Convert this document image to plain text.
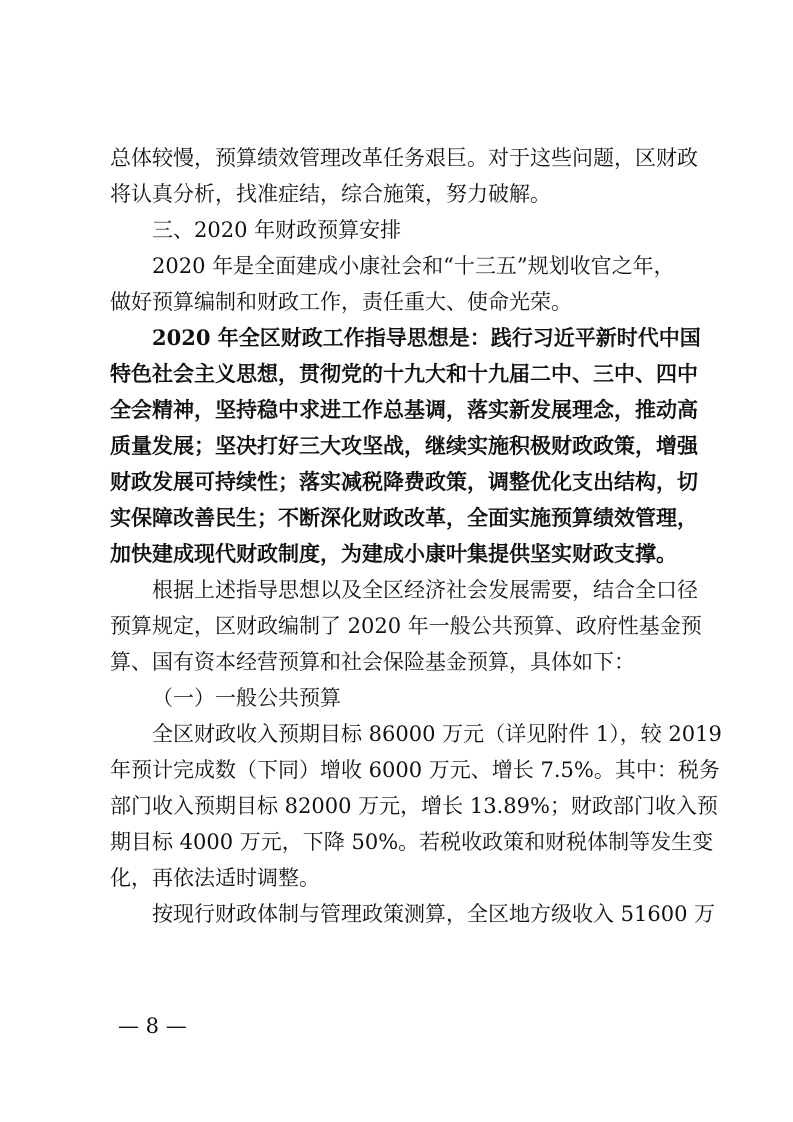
总体较慢，预算绩效管理改革任务艰巨。对于这些问题，区财政
将认真分析，找准症结，综合施策，努力破解。
三、2020 年财政预算安排
2020 年是全面建成小康社会和“十三五”规划收官之年，
做好预算编制和财政工作，责任重大、使命光荣。
2020 年全区财政工作指导思想是：践行习近平新时代中国
特色社会主义思想，贯彻党的十九大和十九届二中、三中、四中
全会精神，坚持稳中求进工作总基调，落实新发展理念，推动高
质量发展；坚决打好三大攻坚战，继续实施积极财政政策，增强
财政发展可持续性；落实减税降费政策，调整优化支出结构，切
实保障改善民生；不断深化财政改革，全面实施预算绩效管理，
加快建成现代财政制度，为建成小康叶集提供坚实财政支撑。
根据上述指导思想以及全区经济社会发展需要，结合全口径
预算规定，区财政编制了 2020 年一般公共预算、政府性基金预
算、国有资本经营预算和社会保险基金预算，具体如下：
（一）一般公共预算
全区财政收入预期目标 86000 万元（详见附件 1），较 2019
年预计完成数（下同）增收 6000 万元、增长 7.5%。其中：税务
部门收入预期目标 82000 万元，增长 13.89%；财政部门收入预
期目标 4000 万元，下降 50%。若税收政策和财税体制等发生变
化，再依法适时调整。
按现行财政体制与管理政策测算，全区地方级收入 51600 万
— 8 —
